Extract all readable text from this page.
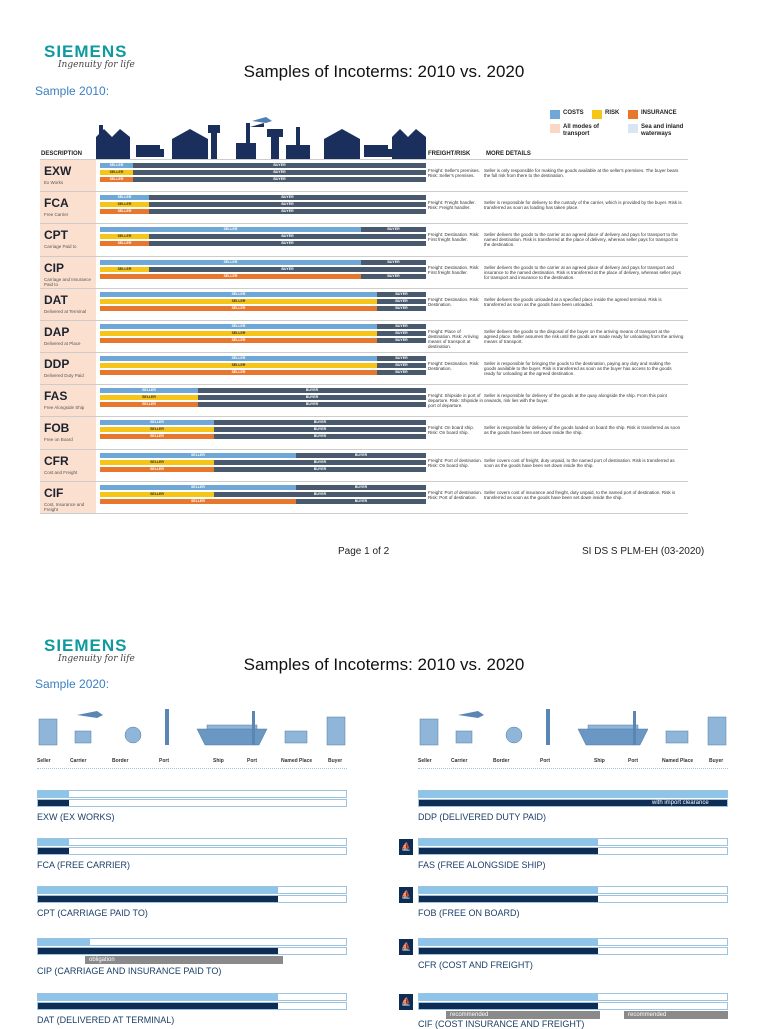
SIEMENS
Ingenuity for life	Samples of Incoterms: 2010 vs. 2020
Sample 2010:
COSTS	RISK	INSURANCE
All modes of transport
Sea and inland waterways
DESCRIPTION	FREIGHT/RISK	MORE DETAILS
EXW
Ex Works
SELLER	BUYER
SELLER	BUYER
SELLER	BUYER
Freight: Seller's premises. Risk: Seller's premises.
Seller is only responsible for making the goods available at the seller's premises. The buyer bears the full risk from there to the destination.
FCA
Free Carrier
SELLER	BUYER
SELLER	BUYER
SELLER	BUYER
Freight: Freight handler. Risk: Freight handler.
Seller is responsible for delivery to the custody of the carrier, which is provided by the buyer. Risk is transferred as soon as loading has taken place.
CPT
Carriage Paid to
SELLER	BUYER
SELLER	BUYER
SELLER	BUYER
Freight: Destination. Risk: First freight handler.
Seller delivers the goods to the carrier at an agreed place of delivery and pays for transport to the named destination. Risk is transferred at the place of delivery, whereas seller pays for transport to the destination.
CIP
Carriage and Insurance Paid to
SELLER	BUYER
SELLER	BUYER
SELLER	BUYER
Freight: Destination. Risk: First freight handler.
Seller delivers the goods to the carrier at an agreed place of delivery and pays for transport and insurance to the named destination. Risk is transferred at the place of delivery, whereas seller pays for transport and insurance to the destination.
DAT
Delivered at Terminal
SELLER	BUYER
SELLER	BUYER
SELLER	BUYER
Freight: Destination. Risk: Destination.
Seller delivers the goods unloaded at a specified place inside the agreed terminal. Risk is transferred as soon as the goods have been unloaded.
DAP
Delivered at Place
SELLER	BUYER
SELLER	BUYER
SELLER	BUYER
Freight: Place of destination. Risk: Arriving means of transport at destination.
Seller delivers the goods to the disposal of the buyer on the arriving means of transport at the agreed place. Seller assumes the risk until the goods are made ready for unloading from the arriving means of transport.
DDP
Delivered Duty Paid
SELLER	BUYER
SELLER	BUYER
SELLER	BUYER
Freight: Destination. Risk: Destination.
Seller is responsible for bringing the goods to the destination, paying any duty and making the goods available to the buyer. Risk is transferred as soon as the buyer has access to the goods ready for unloading at the agreed destination.
FAS
Free Alongside Ship
SELLER	BUYER
SELLER	BUYER
SELLER	BUYER
Freight: Shipside in port of departure. Risk: Shipside in port of departure.
Seller is responsible for delivery of the goods at the quay alongside the ship. From this point onwards, risk lies with the buyer.
FOB
Free on Board
SELLER	BUYER
SELLER	BUYER
SELLER	BUYER
Freight: On board ship. Risk: On board ship.
Seller is responsible for delivery of the goods loaded on board the ship. Risk is transferred as soon as the goods have been set down inside the ship.
CFR
Cost and Freight
SELLER	BUYER
SELLER	BUYER
SELLER	BUYER
Freight: Port of destination. Risk: On board ship.
Seller covers cost of freight, duty unpaid, to the named port of destination. Risk is transferred as soon as the goods have been set down inside the ship.
CIF
Cost, Insurance and Freight
SELLER	BUYER
SELLER	BUYER
SELLER	BUYER
Freight: Port of destination. Risk: Port of destination.
Seller covers cost of insurance and freight, duty unpaid, to the named port of destination. Risk is transferred as soon as the goods have been set down inside the ship.
Page 1 of 2	SI DS S PLM-EH (03-2020)
SIEMENS
Ingenuity for life	Samples of Incoterms: 2010 vs. 2020
Sample 2020:
Seller	Carrier	Border	Port	Ship	Port	Named Place	Buyer	Seller	Carrier	Border	Port	Ship	Port	Named Place	Buyer
EXW (EX WORKS)
FCA (FREE CARRIER)
CPT (CARRIAGE PAID TO)
obligation
CIP (CARRIAGE AND INSURANCE PAID TO)
DAT (DELIVERED AT TERMINAL)
with import clearance
DDP (DELIVERED DUTY PAID)
⛵
FAS (FREE ALONGSIDE SHIP)
⛵
FOB (FREE ON BOARD)
⛵
CFR (COST AND FREIGHT)
recommended	recommended
⛵
CIF (COST INSURANCE AND FREIGHT)
